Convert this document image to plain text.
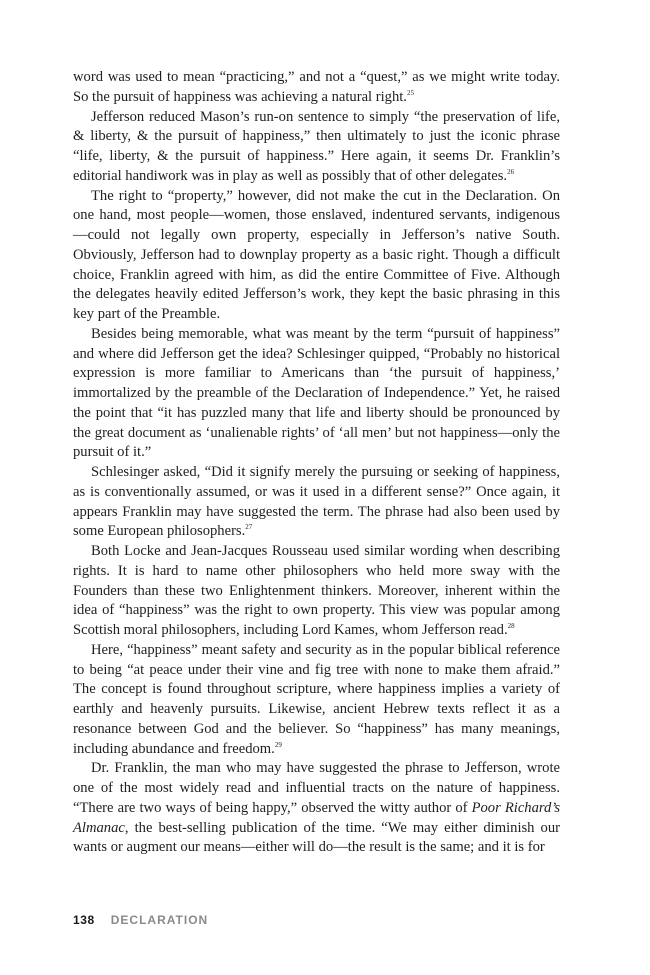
word was used to mean “practicing,” and not a “quest,” as we might write today. So the pursuit of happiness was achieving a natural right.$^{25}$

Jefferson reduced Mason’s run-on sentence to simply “the preservation of life, & liberty, & the pursuit of happiness,” then ultimately to just the iconic phrase “life, liberty, & the pursuit of happiness.” Here again, it seems Dr. Franklin’s editorial handiwork was in play as well as possibly that of other delegates.$^{26}$

The right to “property,” however, did not make the cut in the Declaration. On one hand, most people—women, those enslaved, indentured servants, indigenous—could not legally own property, especially in Jefferson’s native South. Obviously, Jefferson had to downplay property as a basic right. Though a difficult choice, Franklin agreed with him, as did the entire Committee of Five. Although the delegates heavily edited Jefferson’s work, they kept the basic phrasing in this key part of the Preamble.

Besides being memorable, what was meant by the term “pursuit of happiness” and where did Jefferson get the idea? Schlesinger quipped, “Probably no historical expression is more familiar to Americans than ‘the pursuit of happiness,’ immortalized by the preamble of the Declaration of Independence.” Yet, he raised the point that “it has puzzled many that life and liberty should be pronounced by the great document as ‘unalienable rights’ of ‘all men’ but not happiness—only the pursuit of it.”

Schlesinger asked, “Did it signify merely the pursuing or seeking of happiness, as is conventionally assumed, or was it used in a different sense?” Once again, it appears Franklin may have suggested the term. The phrase had also been used by some European philosophers.$^{27}$

Both Locke and Jean-Jacques Rousseau used similar wording when describing rights. It is hard to name other philosophers who held more sway with the Founders than these two Enlightenment thinkers. Moreover, inherent within the idea of “happiness” was the right to own property. This view was popular among Scottish moral philosophers, including Lord Kames, whom Jefferson read.$^{28}$

Here, “happiness” meant safety and security as in the popular biblical reference to being “at peace under their vine and fig tree with none to make them afraid.” The concept is found throughout scripture, where happiness implies a variety of earthly and heavenly pursuits. Likewise, ancient Hebrew texts reflect it as a resonance between God and the believer. So “happiness” has many meanings, including abundance and freedom.$^{29}$

Dr. Franklin, the man who may have suggested the phrase to Jefferson, wrote one of the most widely read and influential tracts on the nature of happiness. “There are two ways of being happy,” observed the witty author of Poor Richard’s Almanac, the best-selling publication of the time. “We may either diminish our wants or augment our means—either will do—the result is the same; and it is for

138 DECLARATION
